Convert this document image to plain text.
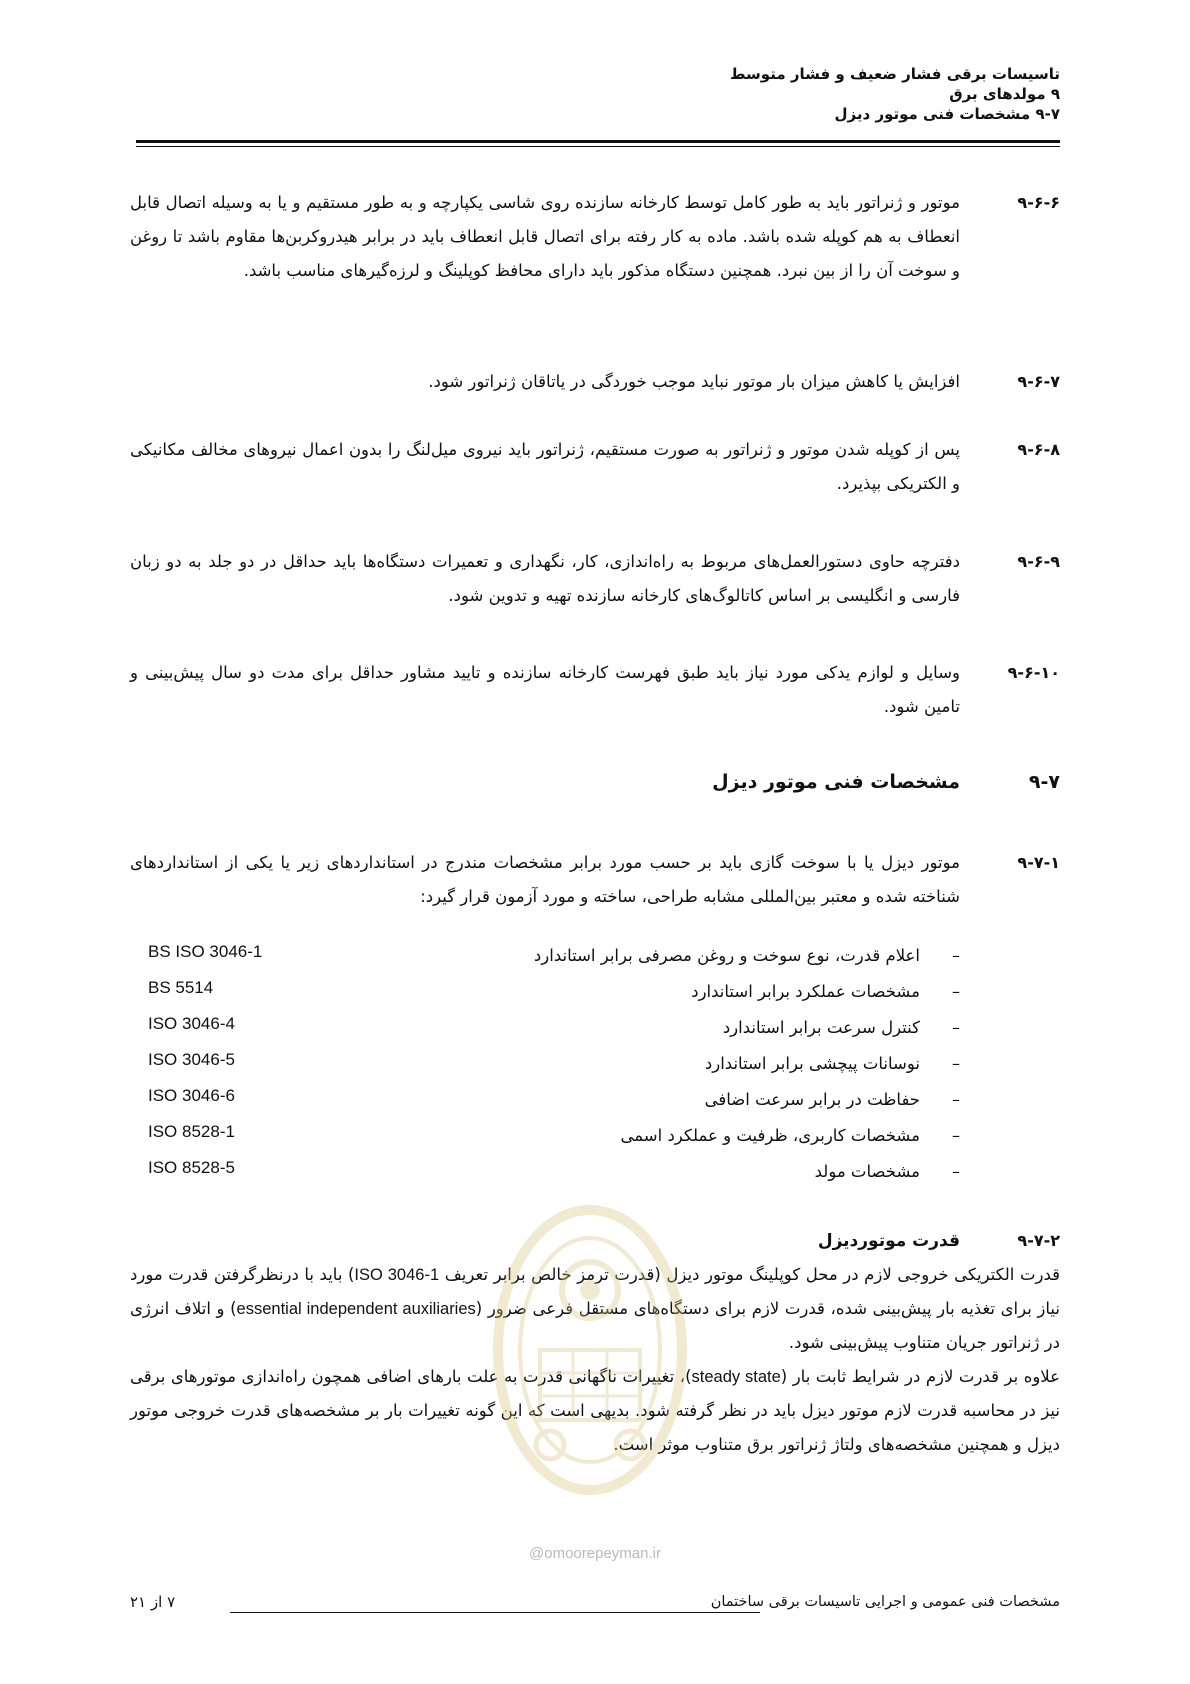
تاسیسات برقی فشار ضعیف و فشار متوسط
۹ مولدهای برق
۹-۷ مشخصات فنی موتور دیزل
۹-۶-۶
موتور و ژنراتور باید به طور کامل توسط کارخانه سازنده روی شاسی یکپارچه و به طور مستقیم و یا به وسیله اتصال قابل انعطاف به هم کوپله شده باشد. ماده به کار رفته برای اتصال قابل انعطاف باید در برابر هیدروکربن‌ها مقاوم باشد تا روغن و سوخت آن را از بین نبرد. همچنین دستگاه مذکور باید دارای محافظ کوپلینگ و لرزه‌گیرهای مناسب باشد.
۹-۶-۷
افزایش یا کاهش میزان بار موتور نباید موجب خوردگی در یاتاقان ژنراتور شود.
۹-۶-۸
پس از کوپله شدن موتور و ژنراتور به صورت مستقیم، ژنراتور باید نیروی میل‌لنگ را بدون اعمال نیروهای مخالف مکانیکی و الکتریکی بپذیرد.
۹-۶-۹
دفترچه حاوی دستورالعمل‌های مربوط به راه‌اندازی، کار، نگهداری و تعمیرات دستگاه‌ها باید حداقل در دو جلد به دو زبان فارسی و انگلیسی بر اساس کاتالوگ‌های کارخانه سازنده تهیه و تدوین شود.
۹-۶-۱۰
وسایل و لوازم یدکی مورد نیاز باید طبق فهرست کارخانه سازنده و تایید مشاور حداقل برای مدت دو سال پیش‌بینی و تامین شود.
۹-۷
مشخصات فنی موتور دیزل
۹-۷-۱
موتور دیزل یا با سوخت گازی باید بر حسب مورد برابر مشخصات مندرج در استانداردهای زیر یا یکی از استانداردهای شناخته شده و معتبر بین‌المللی مشابه طراحی، ساخته و مورد آزمون قرار گیرد:
–
اعلام قدرت، نوع سوخت و روغن مصرفی برابر استاندارد
BS ISO 3046-1
–
مشخصات عملکرد برابر استاندارد
BS 5514
–
کنترل سرعت برابر استاندارد
ISO 3046-4
–
نوسانات پیچشی برابر استاندارد
ISO 3046-5
–
حفاظت در برابر سرعت اضافی
ISO 3046-6
–
مشخصات کاربری، ظرفیت و عملکرد اسمی
ISO 8528-1
–
مشخصات مولد
ISO 8528-5
۹-۷-۲
قدرت موتوردیزل
قدرت الکتریکی خروجی لازم در محل کوپلینگ موتور دیزل (قدرت ترمز خالص برابر تعریف ISO 3046-1) باید با درنظرگرفتن قدرت مورد نیاز برای تغذیه بار پیش‌بینی شده، قدرت لازم برای دستگاه‌های مستقل فرعی ضرور (essential independent auxiliaries) و اتلاف انرژی در ژنراتور جریان متناوب پیش‌بینی شود.
علاوه بر قدرت لازم در شرایط ثابت بار (steady state)، تغییرات ناگهانی قدرت به علت بارهای اضافی همچون راه‌اندازی موتورهای برقی نیز در محاسبه قدرت لازم موتور دیزل باید در نظر گرفته شود. بدیهی است که این گونه تغییرات بار بر مشخصه‌های قدرت خروجی موتور دیزل و همچنین مشخصه‌های ولتاژ ژنراتور برق متناوب موثر است.
@omoorepeyman.ir
مشخصات فنی عمومی و اجرایی تاسیسات برقی ساختمان
۷ از ۲۱
